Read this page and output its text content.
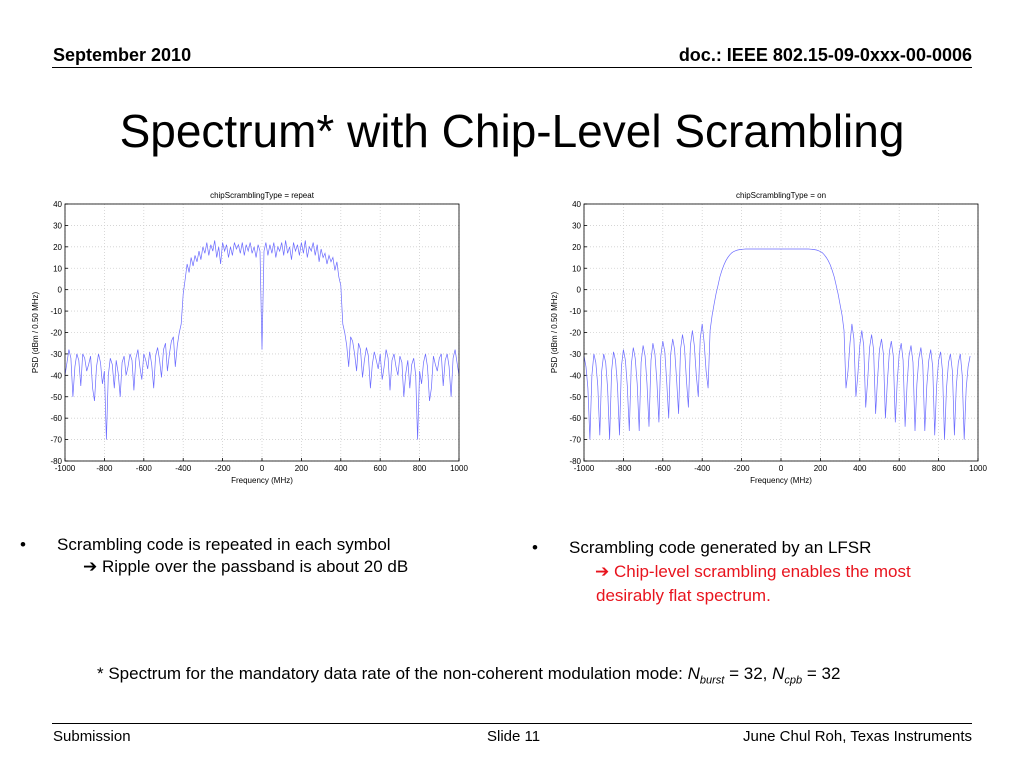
September 2010	doc.: IEEE 802.15-09-0xxx-00-0006
Spectrum* with Chip-Level Scrambling
-1000	-800	-600	-400	-200	0	200	400	600	800	1000
40
30
20
10
0
-10
-20
-30
-40
-50
-60
-70
-80
chipScramblingType = repeat
Frequency (MHz)
PSD (dBm / 0.50 MHz)
-1000	-800	-600	-400	-200	0	200	400	600	800	1000
40
30
20
10
0
-10
-20
-30
-40
-50
-60
-70
-80
chipScramblingType = on
Frequency (MHz)
PSD (dBm / 0.50 MHz)
• Scrambling code is repeated in each symbol
➔ Ripple over the passband is about 20 dB
• Scrambling code generated by an LFSR
➔ Chip-level scrambling enables the most
desirably flat spectrum.
* Spectrum for the mandatory data rate of the non-coherent modulation mode: $N_{burst} = 32$, $N_{cpb} = 32$
Submission	Slide 11	June Chul Roh, Texas Instruments
